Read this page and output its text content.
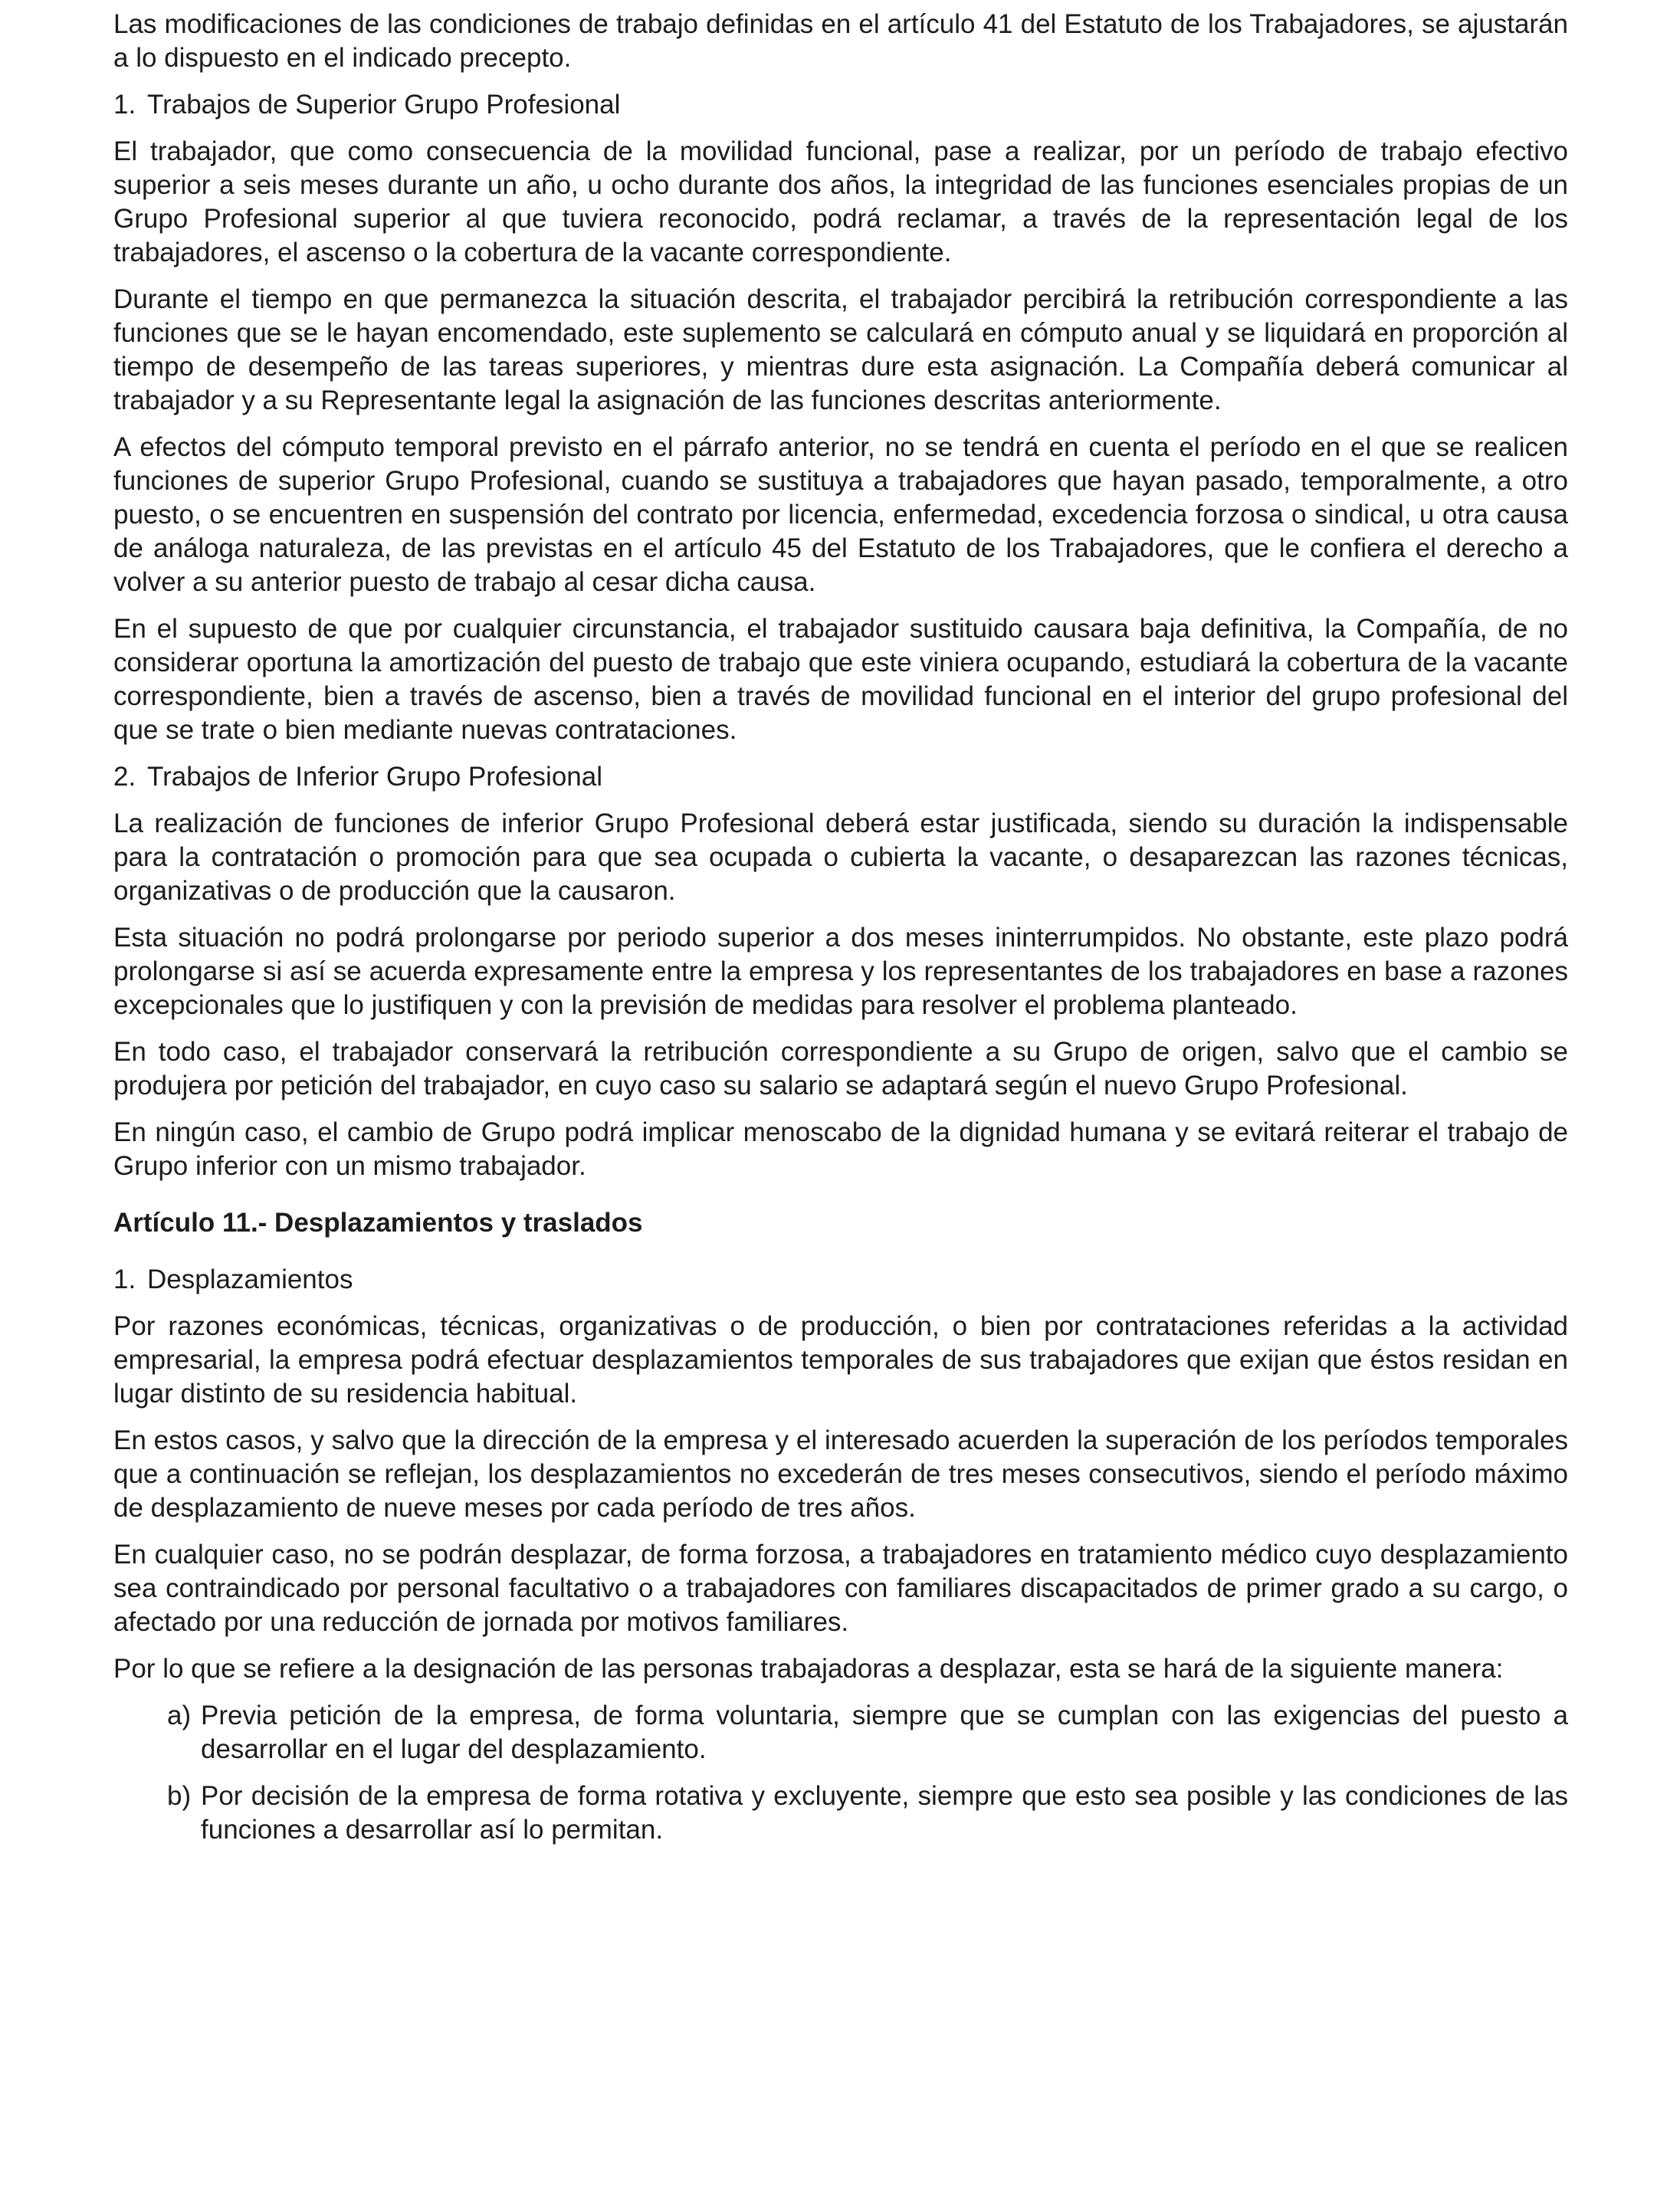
Las modificaciones de las condiciones de trabajo definidas en el artículo 41 del Estatuto de los Trabajadores, se ajustarán a lo dispuesto en el indicado precepto.

1. Trabajos de Superior Grupo Profesional

El trabajador, que como consecuencia de la movilidad funcional, pase a realizar, por un período de trabajo efectivo superior a seis meses durante un año, u ocho durante dos años, la integridad de las funciones esenciales propias de un Grupo Profesional superior al que tuviera reconocido, podrá reclamar, a través de la representación legal de los trabajadores, el ascenso o la cobertura de la vacante correspondiente.

Durante el tiempo en que permanezca la situación descrita, el trabajador percibirá la retribución correspondiente a las funciones que se le hayan encomendado, este suplemento se calculará en cómputo anual y se liquidará en proporción al tiempo de desempeño de las tareas superiores, y mientras dure esta asignación. La Compañía deberá comunicar al trabajador y a su Representante legal la asignación de las funciones descritas anteriormente.

A efectos del cómputo temporal previsto en el párrafo anterior, no se tendrá en cuenta el período en el que se realicen funciones de superior Grupo Profesional, cuando se sustituya a trabajadores que hayan pasado, temporalmente, a otro puesto, o se encuentren en suspensión del contrato por licencia, enfermedad, excedencia forzosa o sindical, u otra causa de análoga naturaleza, de las previstas en el artículo 45 del Estatuto de los Trabajadores, que le confiera el derecho a volver a su anterior puesto de trabajo al cesar dicha causa.

En el supuesto de que por cualquier circunstancia, el trabajador sustituido causara baja definitiva, la Compañía, de no considerar oportuna la amortización del puesto de trabajo que este viniera ocupando, estudiará la cobertura de la vacante correspondiente, bien a través de ascenso, bien a través de movilidad funcional en el interior del grupo profesional del que se trate o bien mediante nuevas contrataciones.

2. Trabajos de Inferior Grupo Profesional

La realización de funciones de inferior Grupo Profesional deberá estar justificada, siendo su duración la indispensable para la contratación o promoción para que sea ocupada o cubierta la vacante, o desaparezcan las razones técnicas, organizativas o de producción que la causaron.

Esta situación no podrá prolongarse por periodo superior a dos meses ininterrumpidos. No obstante, este plazo podrá prolongarse si así se acuerda expresamente entre la empresa y los representantes de los trabajadores en base a razones excepcionales que lo justifiquen y con la previsión de medidas para resolver el problema planteado.

En todo caso, el trabajador conservará la retribución correspondiente a su Grupo de origen, salvo que el cambio se produjera por petición del trabajador, en cuyo caso su salario se adaptará según el nuevo Grupo Profesional.

En ningún caso, el cambio de Grupo podrá implicar menoscabo de la dignidad humana y se evitará reiterar el trabajo de Grupo inferior con un mismo trabajador.

Artículo 11.- Desplazamientos y traslados

1. Desplazamientos

Por razones económicas, técnicas, organizativas o de producción, o bien por contrataciones referidas a la actividad empresarial, la empresa podrá efectuar desplazamientos temporales de sus trabajadores que exijan que éstos residan en lugar distinto de su residencia habitual.

En estos casos, y salvo que la dirección de la empresa y el interesado acuerden la superación de los períodos temporales que a continuación se reflejan, los desplazamientos no excederán de tres meses consecutivos, siendo el período máximo de desplazamiento de nueve meses por cada período de tres años.

En cualquier caso, no se podrán desplazar, de forma forzosa, a trabajadores en tratamiento médico cuyo desplazamiento sea contraindicado por personal facultativo o a trabajadores con familiares discapacitados de primer grado a su cargo, o afectado por una reducción de jornada por motivos familiares.

Por lo que se refiere a la designación de las personas trabajadoras a desplazar, esta se hará de la siguiente manera:

a) Previa petición de la empresa, de forma voluntaria, siempre que se cumplan con las exigencias del puesto a desarrollar en el lugar del desplazamiento.
b) Por decisión de la empresa de forma rotativa y excluyente, siempre que esto sea posible y las condiciones de las funciones a desarrollar así lo permitan.
